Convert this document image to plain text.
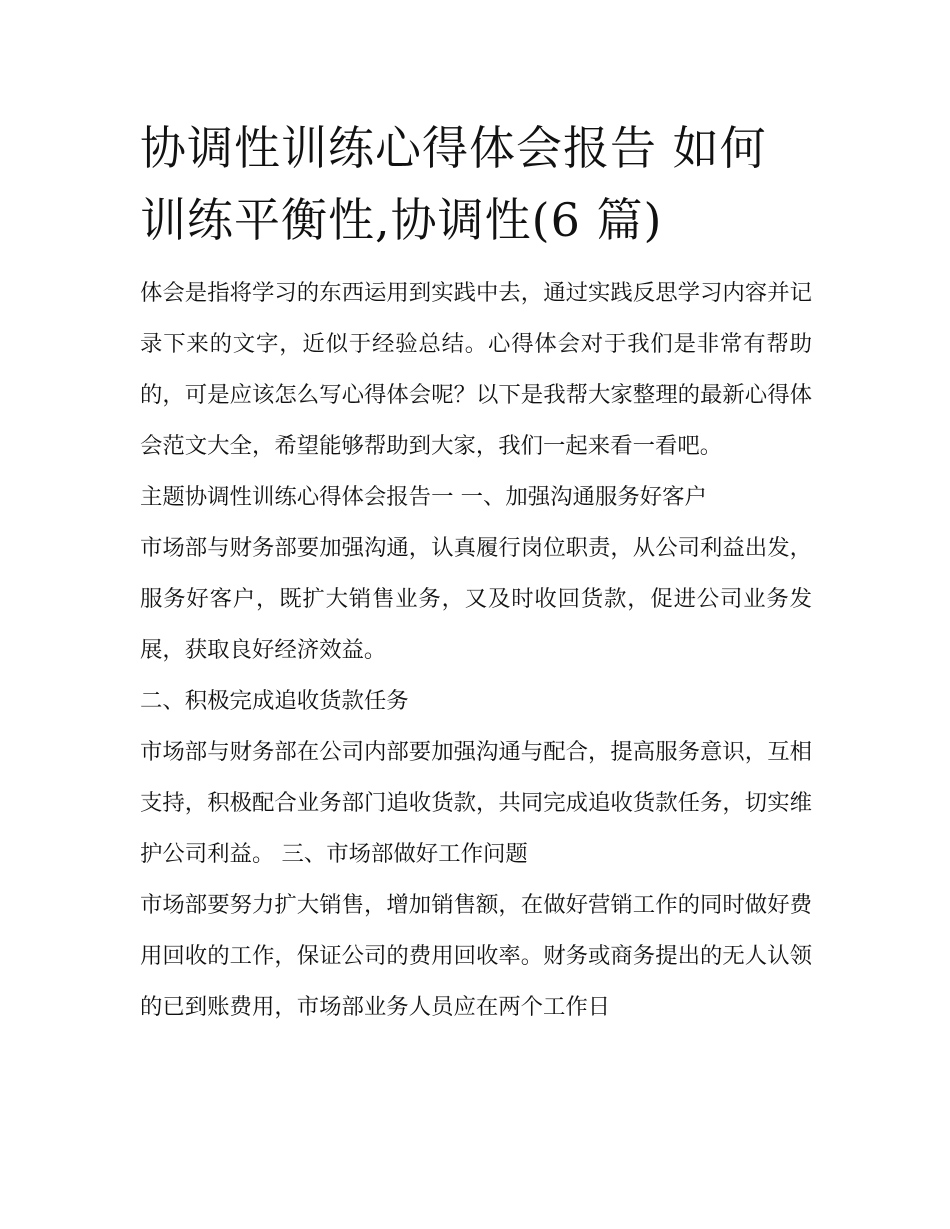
协调性训练心得体会报告 如何训练平衡性,协调性(6 篇)

体会是指将学习的东西运用到实践中去，通过实践反思学习内容并记录下来的文字，近似于经验总结。心得体会对于我们是非常有帮助的，可是应该怎么写心得体会呢？以下是我帮大家整理的最新心得体会范文大全，希望能够帮助到大家，我们一起来看一看吧。

主题协调性训练心得体会报告一 一、加强沟通服务好客户

市场部与财务部要加强沟通，认真履行岗位职责，从公司利益出发，服务好客户，既扩大销售业务，又及时收回货款，促进公司业务发展，获取良好经济效益。

二、积极完成追收货款任务

市场部与财务部在公司内部要加强沟通与配合，提高服务意识，互相支持，积极配合业务部门追收货款，共同完成追收货款任务，切实维护公司利益。 三、市场部做好工作问题

市场部要努力扩大销售，增加销售额，在做好营销工作的同时做好费用回收的工作，保证公司的费用回收率。财务或商务提出的无人认领的已到账费用，市场部业务人员应在两个工作日
